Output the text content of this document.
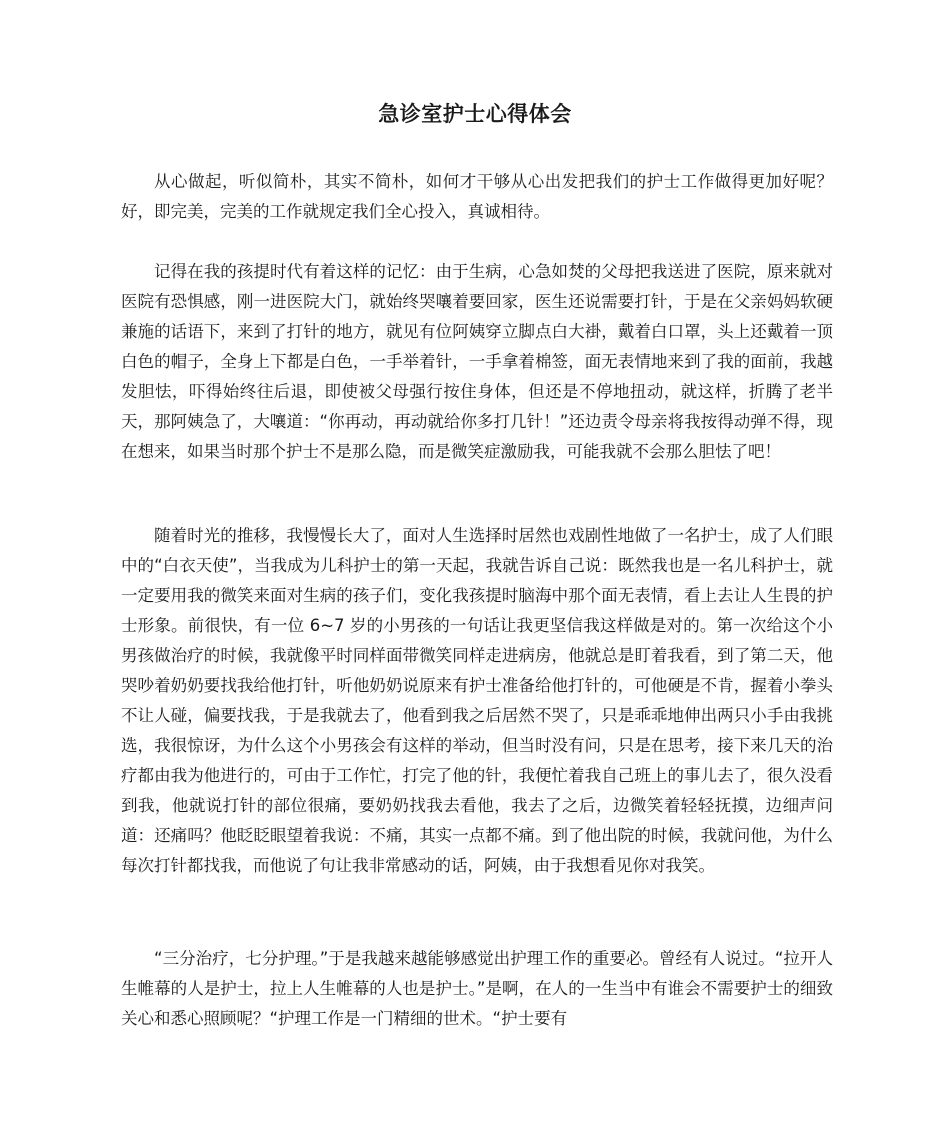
急诊室护士心得体会

从心做起，听似简朴，其实不简朴，如何才干够从心出发把我们的护士工作做得更加好呢？好，即完美，完美的工作就规定我们全心投入，真诚相待。

记得在我的孩提时代有着这样的记忆：由于生病，心急如焚的父母把我送进了医院，原来就对医院有恐惧感，刚一进医院大门，就始终哭嚷着要回家，医生还说需要打针，于是在父亲妈妈软硬兼施的话语下，来到了打针的地方，就见有位阿姨穿立脚点白大褂，戴着白口罩，头上还戴着一顶白色的帽子，全身上下都是白色，一手举着针，一手拿着棉签，面无表情地来到了我的面前，我越发胆怯，吓得始终往后退，即使被父母强行按住身体，但还是不停地扭动，就这样，折腾了老半天，那阿姨急了，大嚷道：“你再动，再动就给你多打几针！”还边责令母亲将我按得动弹不得，现在想来，如果当时那个护士不是那么隐，而是微笑症激励我，可能我就不会那么胆怯了吧！

随着时光的推移，我慢慢长大了，面对人生选择时居然也戏剧性地做了一名护士，成了人们眼中的“白衣天使”，当我成为儿科护士的第一天起，我就告诉自己说：既然我也是一名儿科护士，就一定要用我的微笑来面对生病的孩子们，变化我孩提时脑海中那个面无表情，看上去让人生畏的护士形象。前很快，有一位 6~7 岁的小男孩的一句话让我更坚信我这样做是对的。第一次给这个小男孩做治疗的时候，我就像平时同样面带微笑同样走进病房，他就总是盯着我看，到了第二天，他哭吵着奶奶要找我给他打针，听他奶奶说原来有护士准备给他打针的，可他硬是不肯，握着小拳头不让人碰，偏要找我，于是我就去了，他看到我之后居然不哭了，只是乖乖地伸出两只小手由我挑选，我很惊讶，为什么这个小男孩会有这样的举动，但当时没有问，只是在思考，接下来几天的治疗都由我为他进行的，可由于工作忙，打完了他的针，我便忙着我自己班上的事儿去了，很久没看到我，他就说打针的部位很痛，要奶奶找我去看他，我去了之后，边微笑着轻轻抚摸，边细声问道：还痛吗？他眨眨眼望着我说：不痛，其实一点都不痛。到了他出院的时候，我就问他，为什么每次打针都找我，而他说了句让我非常感动的话，阿姨，由于我想看见你对我笑。

“三分治疗，七分护理。”于是我越来越能够感觉出护理工作的重要必。曾经有人说过。“拉开人生帷幕的人是护士，拉上人生帷幕的人也是护士。”是啊，在人的一生当中有谁会不需要护士的细致关心和悉心照顾呢？“护理工作是一门精细的世术。“护士要有
